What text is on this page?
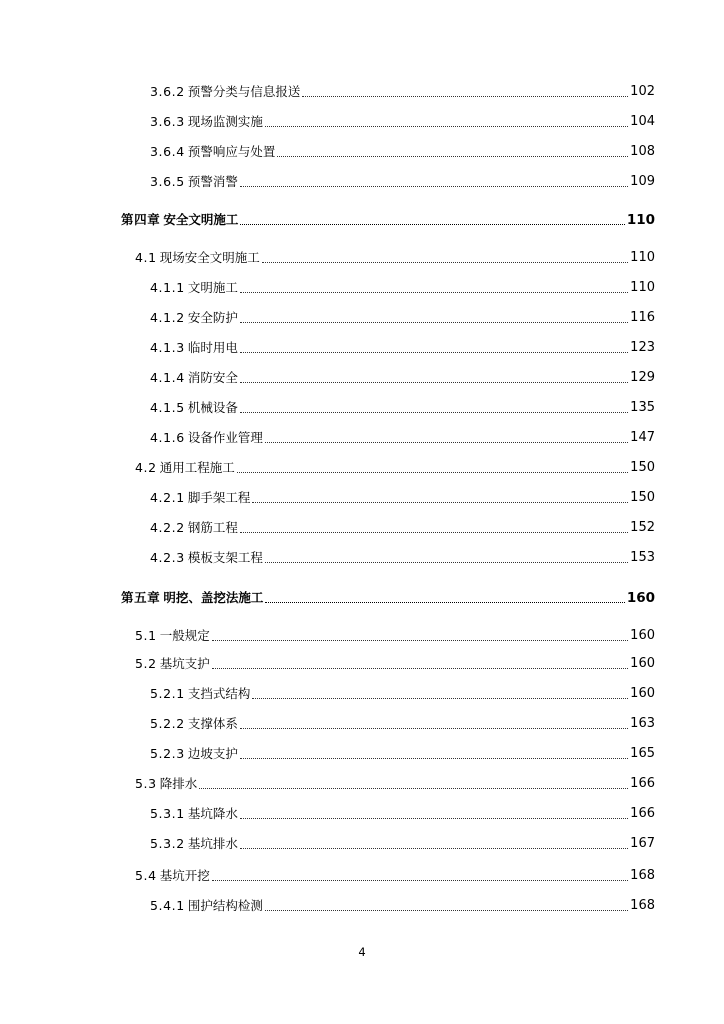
3.6.2 预警分类与信息报送	102
3.6.3 现场监测实施	104
3.6.4 预警响应与处置	108
3.6.5 预警消警	109
第四章 安全文明施工	110
4.1 现场安全文明施工	110
4.1.1 文明施工	110
4.1.2 安全防护	116
4.1.3 临时用电	123
4.1.4 消防安全	129
4.1.5 机械设备	135
4.1.6 设备作业管理	147
4.2 通用工程施工	150
4.2.1 脚手架工程	150
4.2.2 钢筋工程	152
4.2.3 模板支架工程	153
第五章 明挖、盖挖法施工	160
5.1 一般规定	160
5.2 基坑支护	160
5.2.1 支挡式结构	160
5.2.2 支撑体系	163
5.2.3 边坡支护	165
5.3 降排水	166
5.3.1 基坑降水	166
5.3.2 基坑排水	167
5.4 基坑开挖	168
5.4.1 围护结构检测	168
4
